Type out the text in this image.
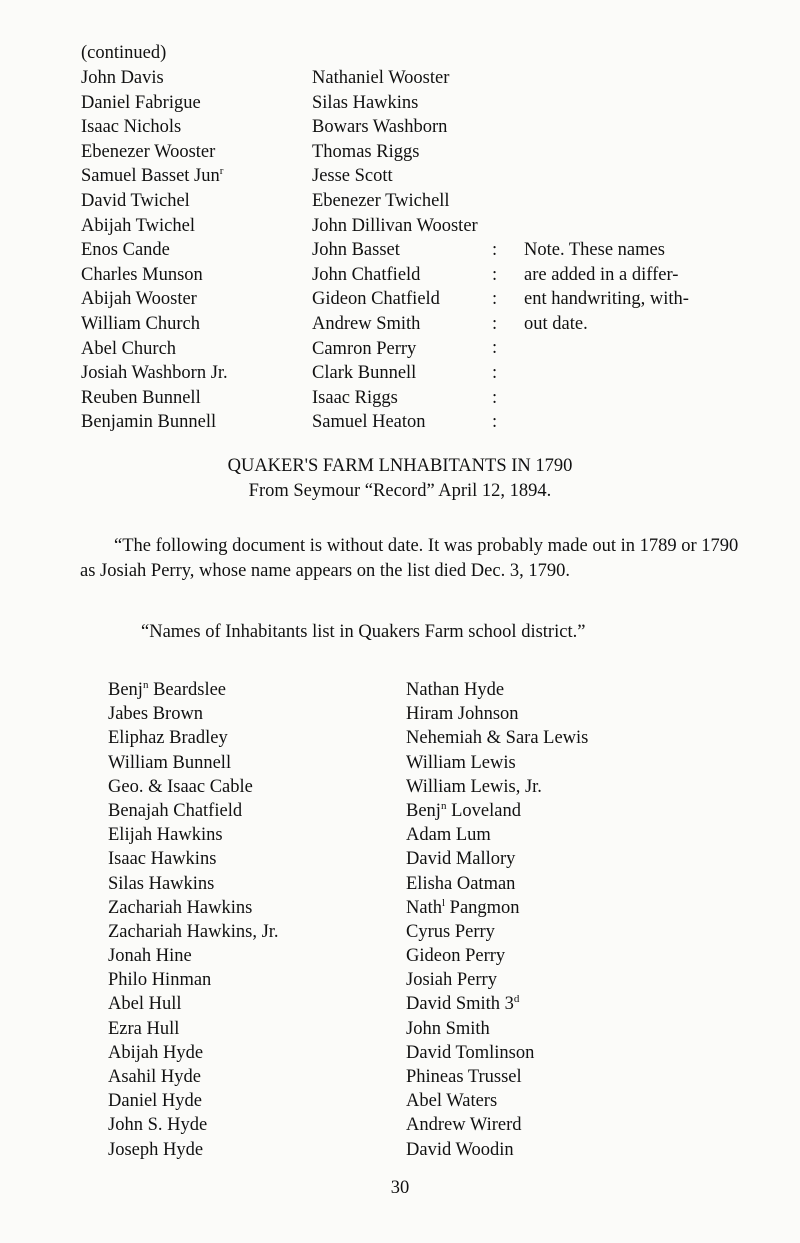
(continued)
John Davis
Daniel Fabrigue
Isaac Nichols
Ebenezer Wooster
Samuel Basset Jun$^r$
David Twichel
Abijah Twichel
Enos Cande
Charles Munson
Abijah Wooster
William Church
Abel Church
Josiah Washborn Jr.
Reuben Bunnell
Benjamin Bunnell
Nathaniel Wooster
Silas Hawkins
Bowars Washborn
Thomas Riggs
Jesse Scott
Ebenezer Twichell
John Dillivan Wooster
John Basset
John Chatfield
Gideon Chatfield
Andrew Smith
Camron Perry
Clark Bunnell
Isaac Riggs
Samuel Heaton
:
:
:
:
:
:
:
:
Note. These names
are added in a differ-
ent handwriting, with-
out date.
QUAKER'S FARM LNHABITANTS IN 1790
From Seymour “Record” April 12, 1894.
“The following document is without date. It was probably made out in 1789 or 1790 as Josiah Perry, whose name appears on the list died Dec. 3, 1790.
“Names of Inhabitants list in Quakers Farm school district.”
Benj$^n$ Beardslee
Jabes Brown
Eliphaz Bradley
William Bunnell
Geo. & Isaac Cable
Benajah Chatfield
Elijah Hawkins
Isaac Hawkins
Silas Hawkins
Zachariah Hawkins
Zachariah Hawkins, Jr.
Jonah Hine
Philo Hinman
Abel Hull
Ezra Hull
Abijah Hyde
Asahil Hyde
Daniel Hyde
John S. Hyde
Joseph Hyde
Nathan Hyde
Hiram Johnson
Nehemiah & Sara Lewis
William Lewis
William Lewis, Jr.
Benj$^n$ Loveland
Adam Lum
David Mallory
Elisha Oatman
Nath$^l$ Pangmon
Cyrus Perry
Gideon Perry
Josiah Perry
David Smith 3$^d$
John Smith
David Tomlinson
Phineas Trussel
Abel Waters
Andrew Wirerd
David Woodin
30
